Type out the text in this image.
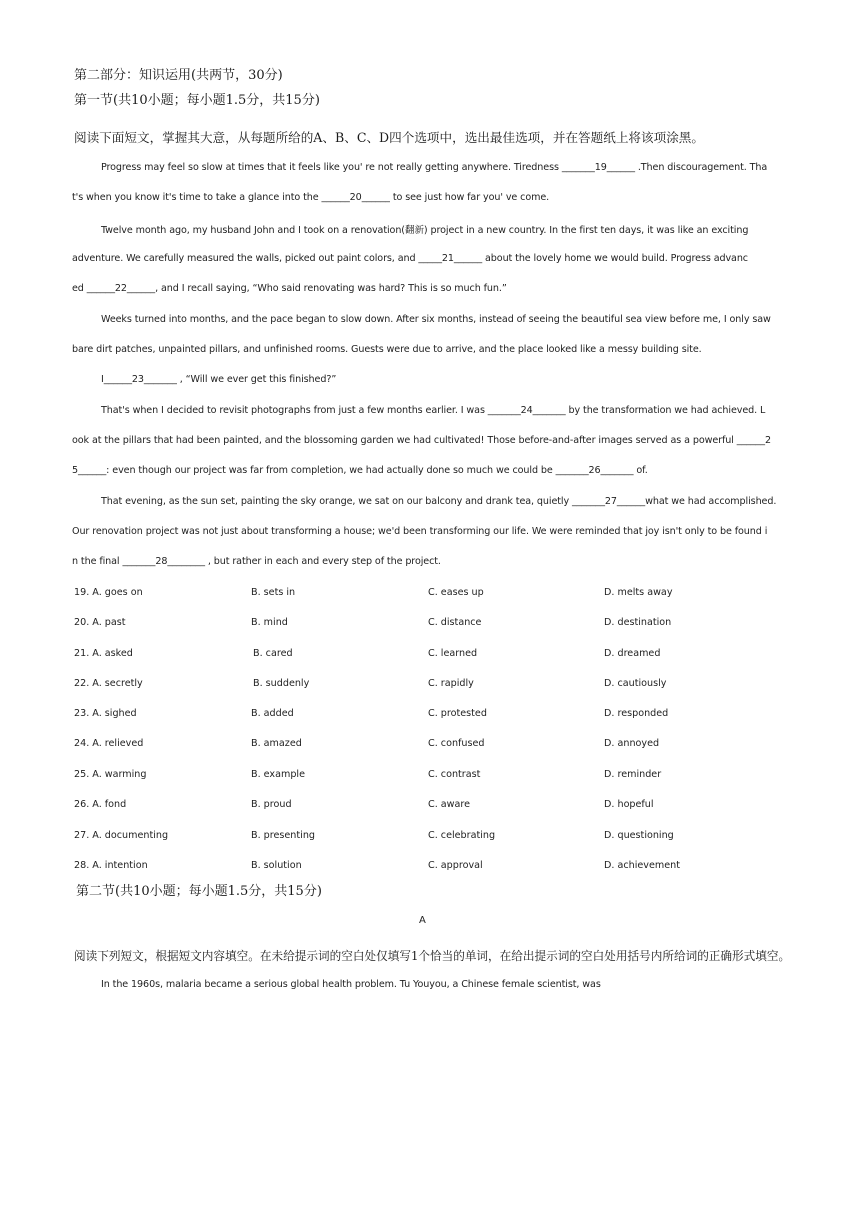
第二部分：知识运用(共两节，30分)
第一节(共10小题；每小题1.5分，共15分)
阅读下面短文，掌握其大意，从每题所给的A、B、C、D四个选项中，选出最佳选项，并在答题纸上将该项涂黑。
Progress may feel so slow at times that it feels like you' re not really getting anywhere. Tiredness _______19______ .Then discouragement. Tha
t's when you know it's time to take a glance into the ______20______ to see just how far you' ve come.
Twelve month ago, my husband John and I took on a renovation(翻新) project in a new country. In the first ten days, it was like an exciting
adventure. We carefully measured the walls, picked out paint colors, and _____21______ about the lovely home we would build. Progress advanc
ed ______22______, and I recall saying, “Who said renovating was hard? This is so much fun.”
Weeks turned into months, and the pace began to slow down. After six months, instead of seeing the beautiful sea view before me, I only saw
bare dirt patches, unpainted pillars, and unfinished rooms. Guests were due to arrive, and the place looked like a messy building site.
I______23_______ , “Will we ever get this finished?”
That's when I decided to revisit photographs from just a few months earlier. I was _______24_______ by the transformation we had achieved. L
ook at the pillars that had been painted, and the blossoming garden we had cultivated! Those before-and-after images served as a powerful ______2
5______: even though our project was far from completion, we had actually done so much we could be _______26_______ of.
That evening, as the sun set, painting the sky orange, we sat on our balcony and drank tea, quietly _______27______what we had accomplished.
Our renovation project was not just about transforming a house; we'd been transforming our life. We were reminded that joy isn't only to be found i
n the final _______28________ , but rather in each and every step of the project.
19. A. goes on	B. sets in	C. eases up	D. melts away
20. A. past	B. mind	C. distance	D. destination
21. A. asked	B. cared	C. learned	D. dreamed
22. A. secretly	B. suddenly	C. rapidly	D. cautiously
23. A. sighed	B. added	C. protested	D. responded
24. A. relieved	B. amazed	C. confused	D. annoyed
25. A. warming	B. example	C. contrast	D. reminder
26. A. fond	B. proud	C. aware	D. hopeful
27. A. documenting	B. presenting	C. celebrating	D. questioning
28. A. intention	B. solution	C. approval	D. achievement
第二节(共10小题；每小题1.5分，共15分)
A
阅读下列短文，根据短文内容填空。在未给提示词的空白处仅填写1个恰当的单词，在给出提示词的空白处用括号内所给词的正确形式填空。
In the 1960s, malaria became a serious global health problem. Tu Youyou, a Chinese female scientist, was
